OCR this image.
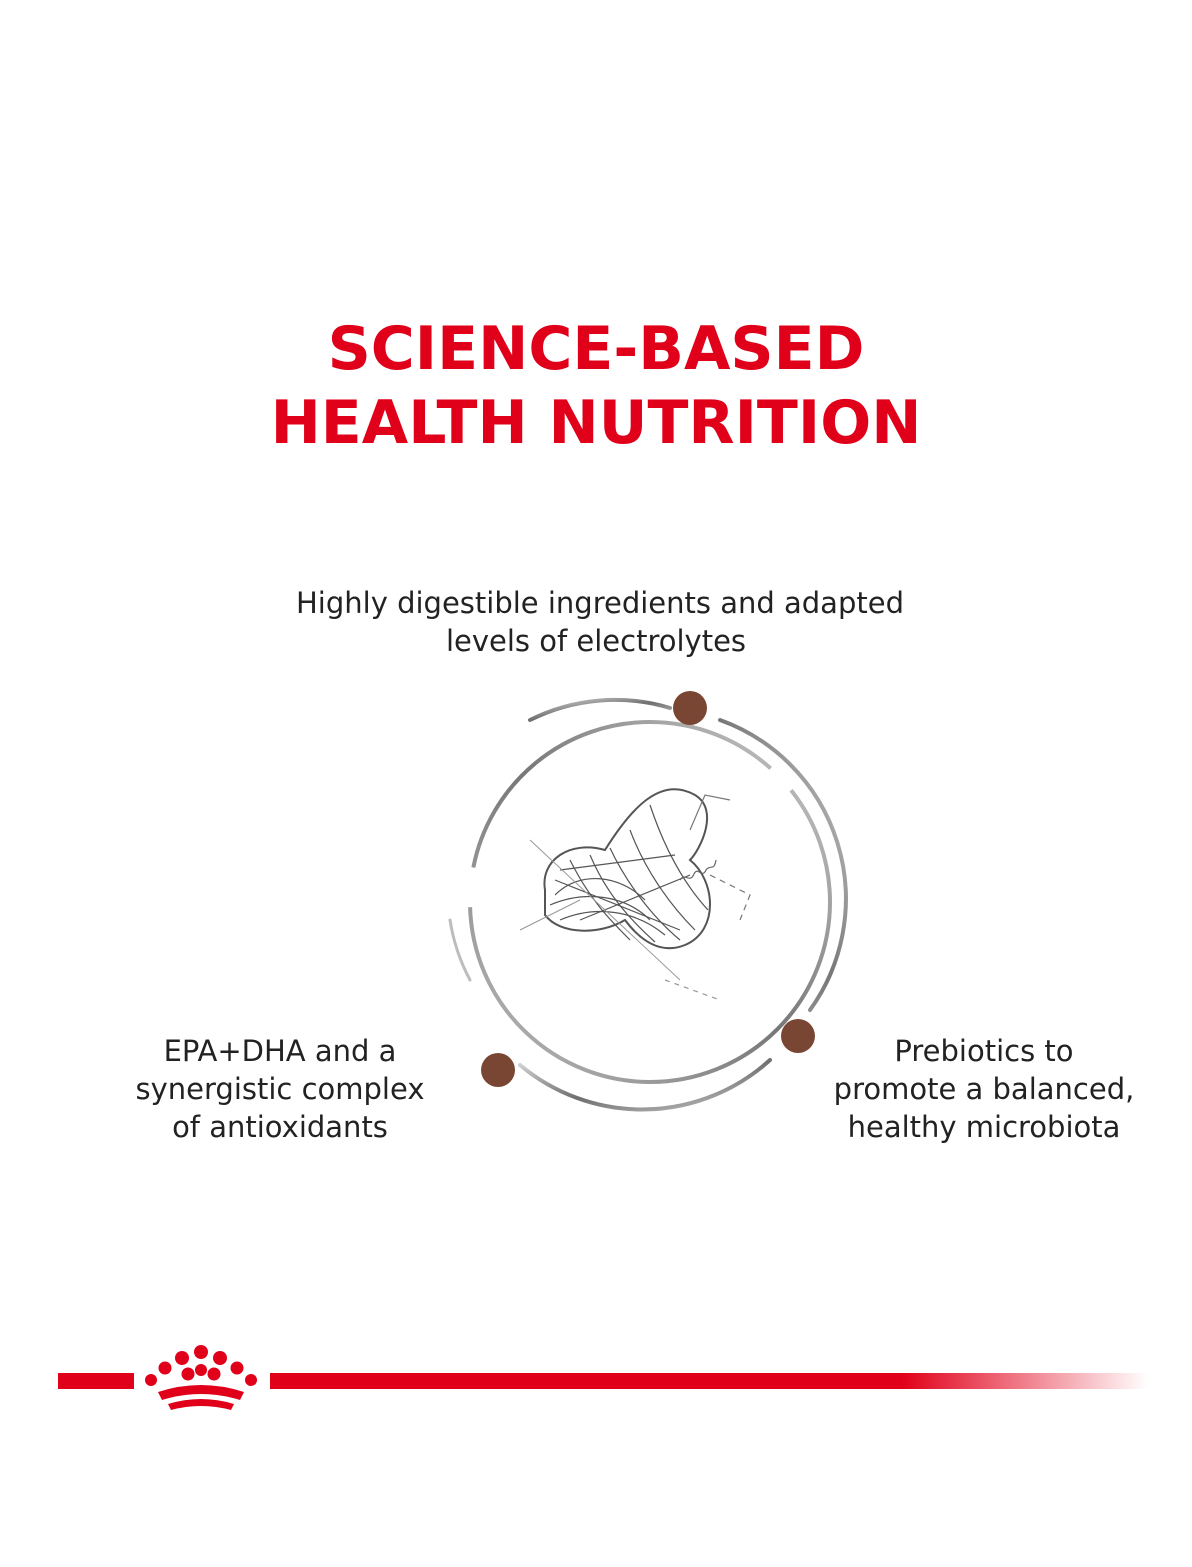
SCIENCE-BASED
HEALTH NUTRITION
Highly digestible ingredients and adapted
levels of electrolytes
EPA+DHA and a
synergistic complex
of antioxidants
Prebiotics to
promote a balanced,
healthy microbiota
